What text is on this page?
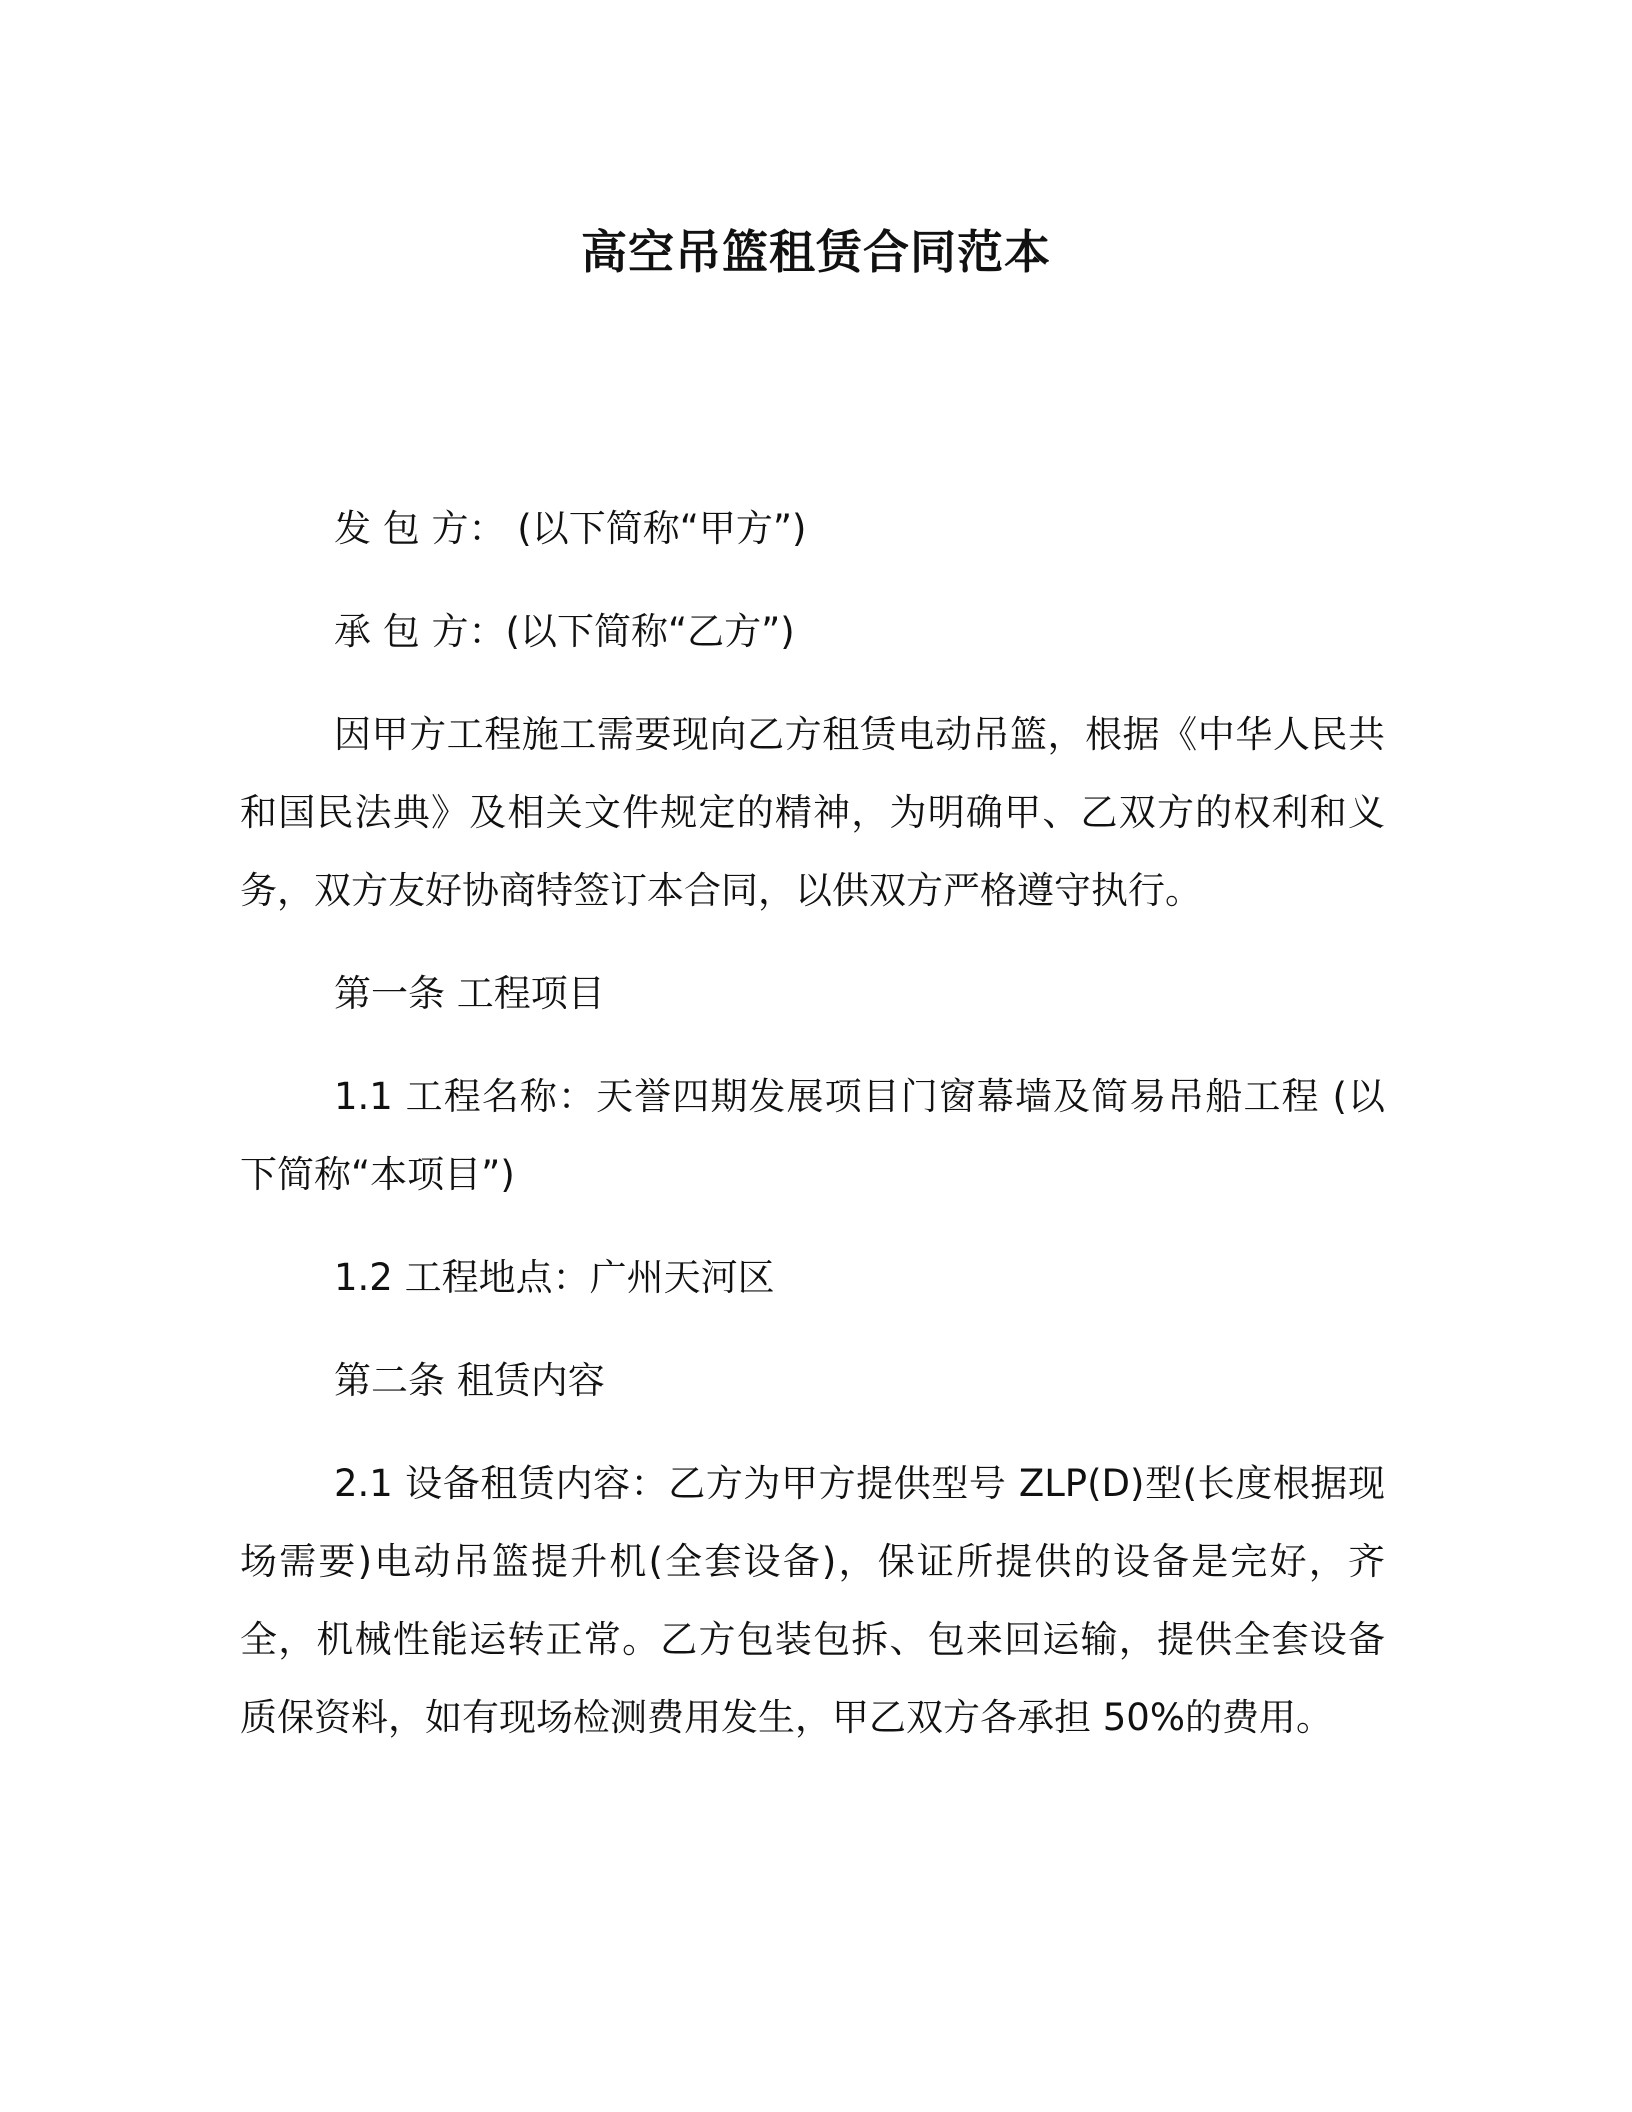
高空吊篮租赁合同范本

发 包 方： (以下简称“甲方”)

承 包 方：(以下简称“乙方”)

因甲方工程施工需要现向乙方租赁电动吊篮，根据《中华人民共和国民法典》及相关文件规定的精神，为明确甲、乙双方的权利和义务，双方友好协商特签订本合同，以供双方严格遵守执行。

第一条 工程项目

1.1 工程名称：天誉四期发展项目门窗幕墙及简易吊船工程 (以下简称“本项目”)

1.2 工程地点：广州天河区

第二条 租赁内容

2.1 设备租赁内容：乙方为甲方提供型号 ZLP(D)型(长度根据现场需要)电动吊篮提升机(全套设备)，保证所提供的设备是完好，齐全，机械性能运转正常。乙方包装包拆、包来回运输，提供全套设备质保资料，如有现场检测费用发生，甲乙双方各承担 50%的费用。
